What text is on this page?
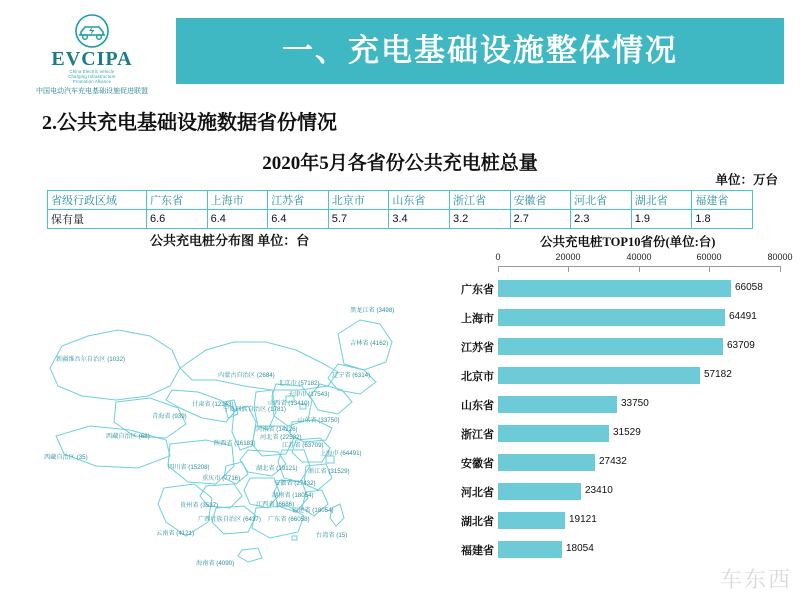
一、充电基础设施整体情况
EVCIPA
China Electric Vehicle
Charging Infrastructure
Promotion Alliance
中国电动汽车充电基础设施促进联盟
2.公共充电基础设施数据省份情况
2020年5月各省份公共充电桩总量
单位：万台
省级行政区域	广东省	上海市	江苏省	北京市	山东省	浙江省	安徽省	河北省	湖北省	福建省
保有量	6.6	6.4	6.4	5.7	3.4	3.2	2.7	2.3	1.9	1.8
公共充电桩分布图 单位：台
黑龙江省 (3498)
吉林省 (4162)
新疆维吾尔自治区 (1032)
内蒙古自治区 (2684)	辽宁省 (6314)
北京市 (57182)
天津市 (17543)
甘肃省 (12143)
宁夏回族自治区 (1781)
山西省 (13410)
青海省 (939)
山东省 (33750)
河南省 (14226)
西藏自治区 (68)
陕西省 (16183)	江苏省 (63709)
河北省 (22532)
上海市 (64491)
西藏自治区 (35)
四川省 (15208)	湖北省 (19121) 浙江省 (31529)
重庆市 (7716)
安徽省 (27432)
湖南省 (18054)
贵州省 (3537)	江西省 (6686)
福建省 (18054)
广西壮族自治区 (6437) 广东省 (66058)
云南省 (4121)	台湾省 (15)
海南省 (4090)
公共充电桩TOP10省份(单位:台)
0	20000	40000	60000	80000
广东省	66058
上海市	64491
江苏省	63709
北京市	57182
山东省	33750
浙江省	31529
安徽省	27432
河北省	23410
湖北省	19121
福建省	18054
车东西
